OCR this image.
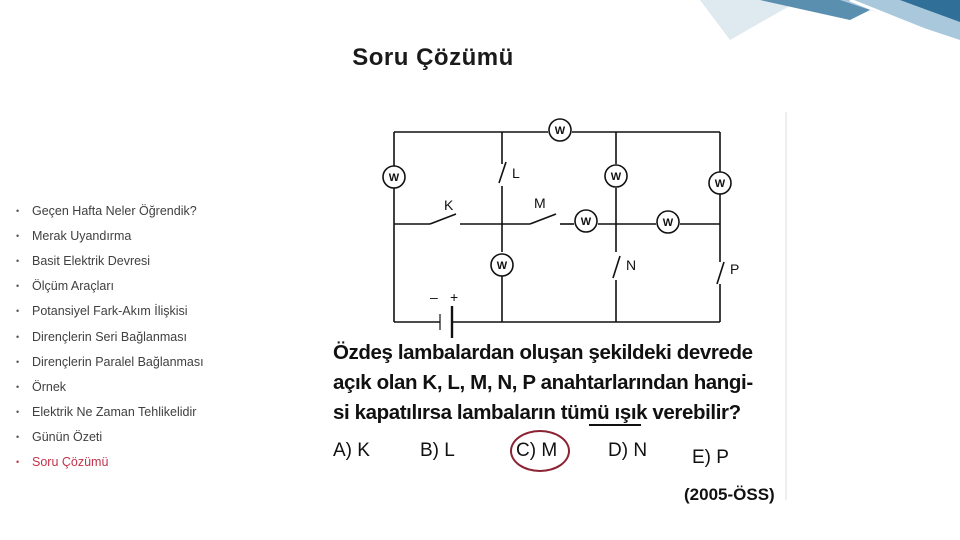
Soru Çözümü
•	Geçen Hafta Neler Öğrendik?
•	Merak Uyandırma
•	Basit Elektrik Devresi
•	Ölçüm Araçları
•	Potansiyel Fark-Akım İlişkisi
•	Dirençlerin Seri Bağlanması
•	Dirençlerin Paralel Bağlanması
•	Örnek
•	Elektrik Ne Zaman Tehlikelidir
•	Günün Özeti
•	Soru Çözümü
W
W	W
W
W	W
W
K
L
M
N	P
– +
Özdeş lambalardan oluşan şekildeki devrede
açık olan K, L, M, N, P anahtarlarından hangi-
si kapatılırsa lambaların tümü ışık verebilir?
A) K	B) L	C) M	D) N E) P
(2005-ÖSS)
